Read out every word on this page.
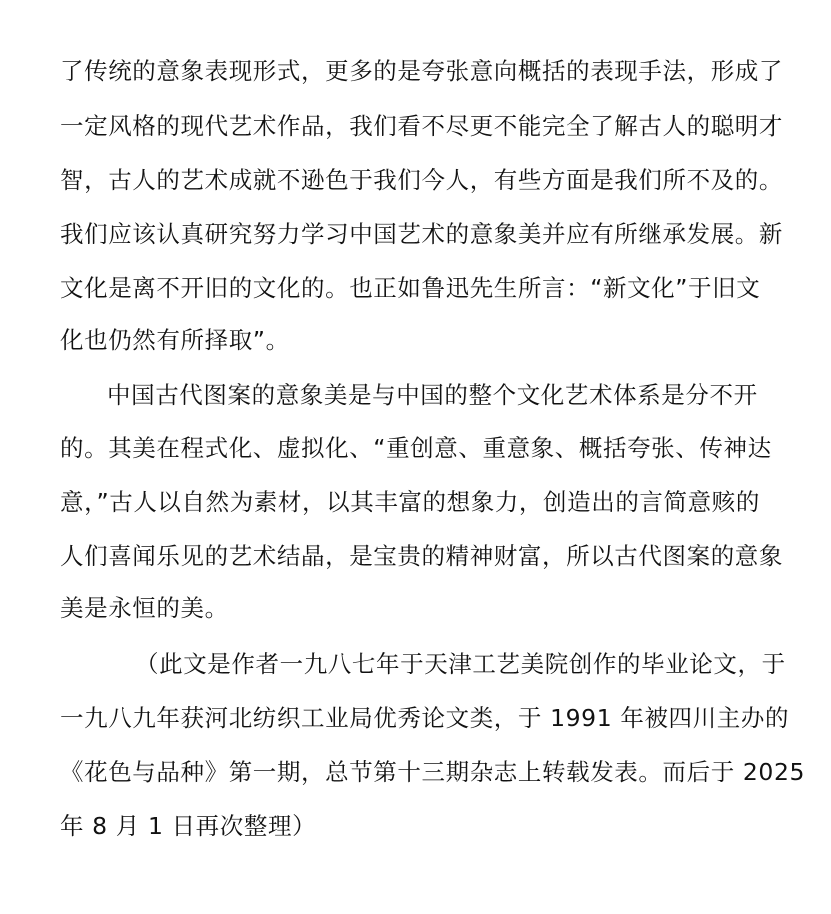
了传统的意象表现形式，更多的是夸张意向概括的表现手法，形成了
一定风格的现代艺术作品，我们看不尽更不能完全了解古人的聪明才
智，古人的艺术成就不逊色于我们今人，有些方面是我们所不及的。
我们应该认真研究努力学习中国艺术的意象美并应有所继承发展。新
文化是离不开旧的文化的。也正如鲁迅先生所言：“新文化”于旧文
化也仍然有所择取”。
中国古代图案的意象美是与中国的整个文化艺术体系是分不开
的。其美在程式化、虚拟化、“重创意、重意象、概括夸张、传神达
意，”古人以自然为素材，以其丰富的想象力，创造出的言简意赅的
人们喜闻乐见的艺术结晶，是宝贵的精神财富，所以古代图案的意象
美是永恒的美。
（此文是作者一九八七年于天津工艺美院创作的毕业论文，于
一九八九年获河北纺织工业局优秀论文类，于 1991 年被四川主办的
《花色与品种》第一期，总节第十三期杂志上转载发表。而后于 2025
年 8 月 1 日再次整理）
